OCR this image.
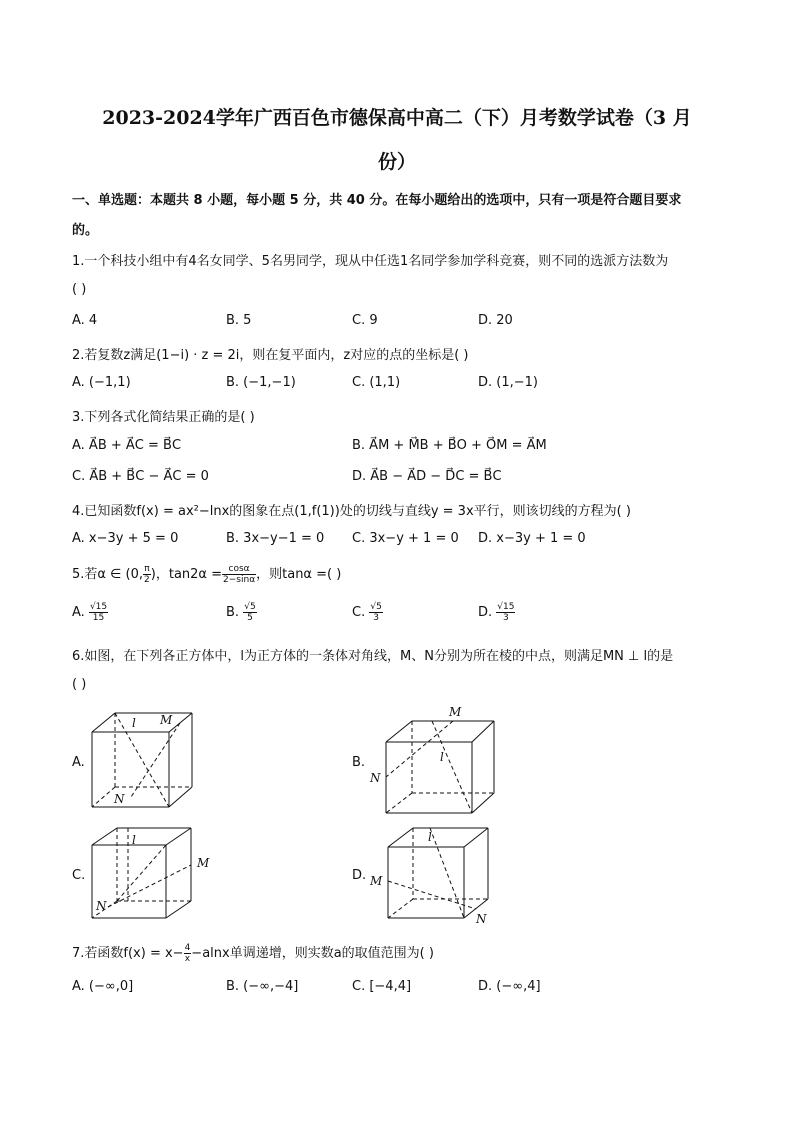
2023-2024学年广西百色市德保高中高二（下）月考数学试卷（3 月
份）
一、单选题：本题共 8 小题，每小题 5 分，共 40 分。在每小题给出的选项中，只有一项是符合题目要求
的。
1.一个科技小组中有4名女同学、5名男同学，现从中任选1名同学参加学科竞赛，则不同的选派方法数为
( )
A. 4	B. 5	C. 9	D. 20
2.若复数z满足(1−i) · z = 2i，则在复平面内，z对应的点的坐标是( )
A. (−1,1)	B. (−1,−1)	C. (1,1)	D. (1,−1)
3.下列各式化简结果正确的是( )
A. A⃗B + A⃗C = B⃗C	B. A⃗M + M⃗B + B⃗O + O⃗M = A⃗M
C. A⃗B + B⃗C − A⃗C = 0	D. A⃗B − A⃗D − D⃗C = B⃗C
4.已知函数f(x) = ax²−lnx的图象在点(1,f(1))处的切线与直线y = 3x平行，则该切线的方程为( )
A. x−3y + 5 = 0	B. 3x−y−1 = 0 C. 3x−y + 1 = 0 D. x−3y + 1 = 0
5.若α ∈ (0, $\frac{\pi}{2}$ )，$\tan 2\alpha = \frac{\cos\alpha}{2-\sin\alpha}$ ，则tanα =( )
A. $\frac{√15}{15}$	B. $\frac{√5}{5}$	C. $\frac{√5}{3}$	D. $\frac{√15}{3}$
6.如图，在下列各正方体中，l为正方体的一条体对角线，M、N分别为所在棱的中点，则满足MN ⊥ l的是
( )
A.
l M
N
B.
M
l
N
C.
l
M
N
D.
l
M
N
7.若函数$f(x) = x- \frac{4}{x} -alnx$单调递增，则实数a的取值范围为( )
A. (−∞,0]	B. (−∞,−4]	C. [−4,4]	D. (−∞,4]
